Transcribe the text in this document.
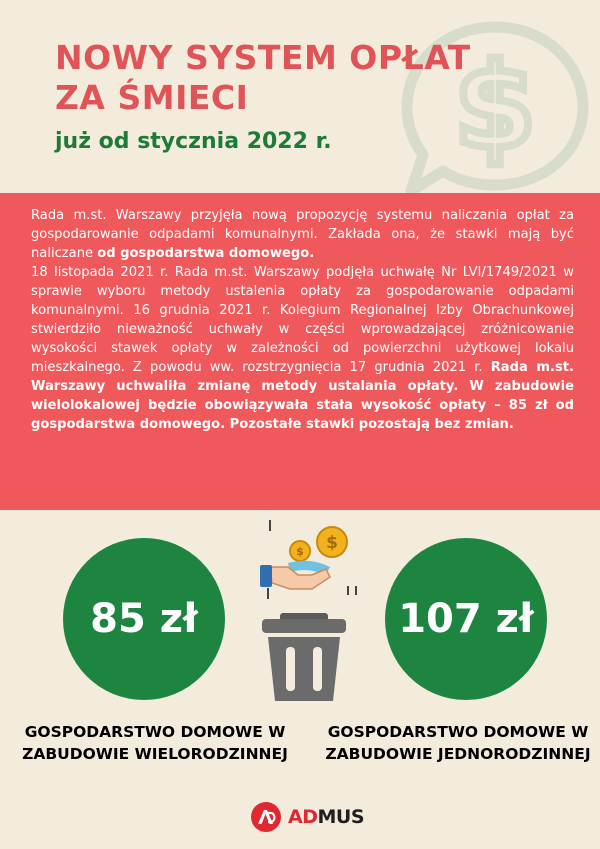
$
NOWY SYSTEM OPŁAT
ZA ŚMIECI
już od stycznia 2022 r.

Rada m.st. Warszawy przyjęła nową propozycję systemu naliczania opłat za gospodarowanie odpadami komunalnymi. Zakłada ona, że stawki mają być naliczane od gospodarstwa domowego.

18 listopada 2021 r. Rada m.st. Warszawy podjęła uchwałę Nr LVI/1749/2021 w sprawie wyboru metody ustalenia opłaty za gospodarowanie odpadami komunalnymi. 16 grudnia 2021 r. Kolegium Regionalnej Izby Obrachunkowej stwierdziło nieważność uchwały w części wprowadzającej zróżnicowanie wysokości stawek opłaty w zależności od powierzchni użytkowej lokalu mieszkalnego. Z powodu ww. rozstrzygnięcia 17 grudnia 2021 r. Rada m.st. Warszawy uchwaliła zmianę metody ustalania opłaty. W zabudowie wielolokalowej będzie obowiązywała stała wysokość opłaty – 85 zł od gospodarstwa domowego. Pozostałe stawki pozostają bez zmian.

85 zł	107 zł
$
$
GOSPODARSTWO DOMOWE W ZABUDOWIE WIELORODZINNEJ
GOSPODARSTWO DOMOWE W ZABUDOWIE JEDNORODZINNEJ
ADMUS
